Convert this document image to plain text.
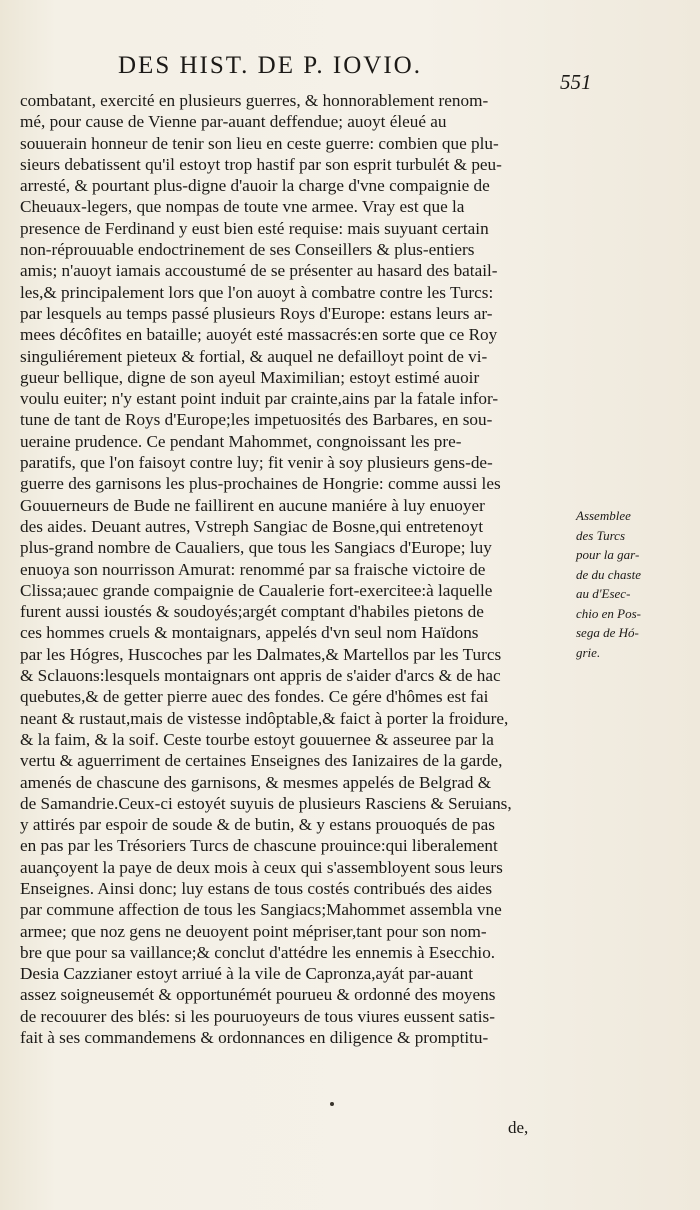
DES HIST. DE P. IOVIO.
551
combatant, exercité en plusieurs guerres, & honnorablement renom-
mé, pour cause de Vienne par-auant deffendue; auoyt éleué au
souuerain honneur de tenir son lieu en ceste guerre: combien que plu-
sieurs debatissent qu'il estoyt trop hastif par son esprit turbulét & peu-
arresté, & pourtant plus-digne d'auoir la charge d'vne compaignie de
Cheuaux-legers, que nompas de toute vne armee. Vray est que la
presence de Ferdinand y eust bien esté requise: mais suyuant certain
non-réprouuable endoctrinement de ses Conseillers & plus-entiers
amis; n'auoyt iamais accoustumé de se présenter au hasard des batail-
les,& principalement lors que l'on auoyt à combatre contre les Turcs:
par lesquels au temps passé plusieurs Roys d'Europe: estans leurs ar-
mees décôfites en bataille; auoyét esté massacrés:en sorte que ce Roy
singuliérement pieteux & fortial, & auquel ne defailloyt point de vi-
gueur bellique, digne de son ayeul Maximilian; estoyt estimé auoir
voulu euiter; n'y estant point induit par crainte,ains par la fatale infor-
tune de tant de Roys d'Europe;les impetuosités des Barbares, en sou-
ueraine prudence. Ce pendant Mahommet, congnoissant les pre-
paratifs, que l'on faisoyt contre luy; fit venir à soy plusieurs gens-de-
guerre des garnisons les plus-prochaines de Hongrie: comme aussi les
Gouuerneurs de Bude ne faillirent en aucune maniére à luy enuoyer
des aides. Deuant autres, Vstreph Sangiac de Bosne,qui entretenoyt
plus-grand nombre de Caualiers, que tous les Sangiacs d'Europe; luy
enuoya son nourrisson Amurat: renommé par sa fraische victoire de
Clissa;auec grande compaignie de Caualerie fort-exercitee:à laquelle
furent aussi ioustés & soudoyés;argét comptant d'habiles pietons de
ces hommes cruels & montaignars, appelés d'vn seul nom Haïdons
par les Hógres, Huscoches par les Dalmates,& Martellos par les Turcs
& Sclauons:lesquels montaignars ont appris de s'aider d'arcs & de hac
quebutes,& de getter pierre auec des fondes. Ce gére d'hômes est fai
neant & rustaut,mais de vistesse indôptable,& faict à porter la froidure,
& la faim, & la soif. Ceste tourbe estoyt gouuernee & asseuree par la
vertu & aguerriment de certaines Enseignes des Ianizaires de la garde,
amenés de chascune des garnisons, & mesmes appelés de Belgrad &
de Samandrie.Ceux-ci estoyét suyuis de plusieurs Rasciens & Seruians,
y attirés par espoir de soude & de butin, & y estans prouoqués de pas
en pas par les Trésoriers Turcs de chascune prouince:qui liberalement
auançoyent la paye de deux mois à ceux qui s'assembloyent sous leurs
Enseignes. Ainsi donc; luy estans de tous costés contribués des aides
par commune affection de tous les Sangiacs;Mahommet assembla vne
armee; que noz gens ne deuoyent point mépriser,tant pour son nom-
bre que pour sa vaillance;& conclut d'attédre les ennemis à Esecchio.
Desia Cazzianer estoyt arriué à la vile de Capronza,ayát par-auant
assez soigneusemét & opportunémét pourueu & ordonné des moyens
de recouurer des blés: si les pouruoyeurs de tous viures eussent satis-
fait à ses commandemens & ordonnances en diligence & promptitu-
Assemblee
des Turcs
pour la gar-
de du chaste
au d'Esec-
chio en Pos-
sega de Hó-
grie.
de,
